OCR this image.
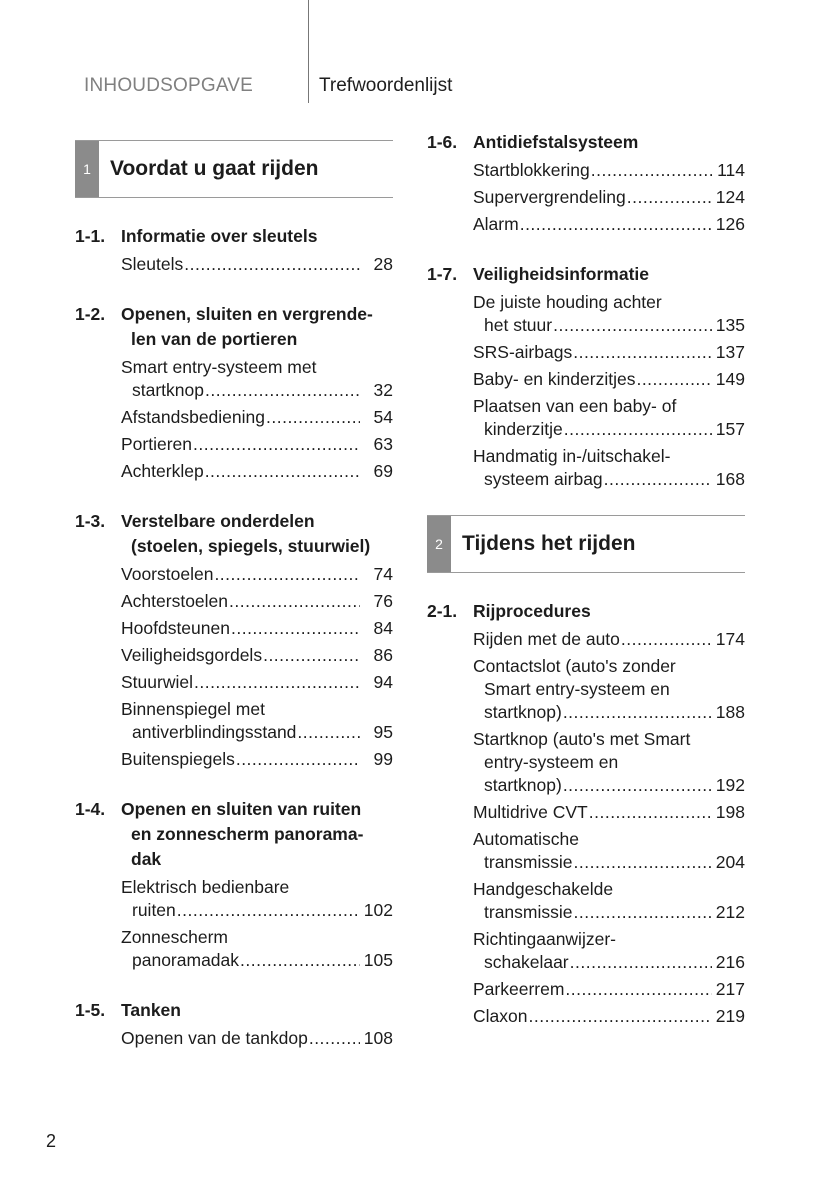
INHOUDSOPGAVE	Trefwoordenlijst
1 Voordat u gaat rijden
1-1. Informatie over sleutels
Sleutels .....	28
1-2. Openen, sluiten en vergrende-
len van de portieren
Smart entry-systeem met
startknop .....	32
Afstandsbediening .....	54
Portieren .....	63
Achterklep .....	69
1-3. Verstelbare onderdelen
(stoelen, spiegels, stuurwiel)
Voorstoelen .....	74
Achterstoelen .....	76
Hoofdsteunen .....	84
Veiligheidsgordels .....	86
Stuurwiel .....	94
Binnenspiegel met
antiverblindingsstand .....	95
Buitenspiegels .....	99
1-4. Openen en sluiten van ruiten
en zonnescherm panorama-
dak
Elektrisch bedienbare
ruiten .....	102
Zonnescherm
panoramadak .....	105
1-5. Tanken
Openen van de tankdop .....	108
1-6. Antidiefstalsysteem
Startblokkering .....	114
Supervergrendeling .....	124
Alarm .....	126
1-7. Veiligheidsinformatie
De juiste houding achter
het stuur .....	135
SRS-airbags .....	137
Baby- en kinderzitjes .....	149
Plaatsen van een baby- of
kinderzitje .....	157
Handmatig in-/uitschakel-
systeem airbag .....	168
2 Tijdens het rijden
2-1. Rijprocedures
Rijden met de auto .....	174
Contactslot (auto's zonder
Smart entry-systeem en
startknop) .....	188
Startknop (auto's met Smart
entry-systeem en
startknop) .....	192
Multidrive CVT .....	198
Automatische
transmissie .....	204
Handgeschakelde
transmissie .....	212
Richtingaanwijzer-
schakelaar .....	216
Parkeerrem .....	217
Claxon .....	219
2
